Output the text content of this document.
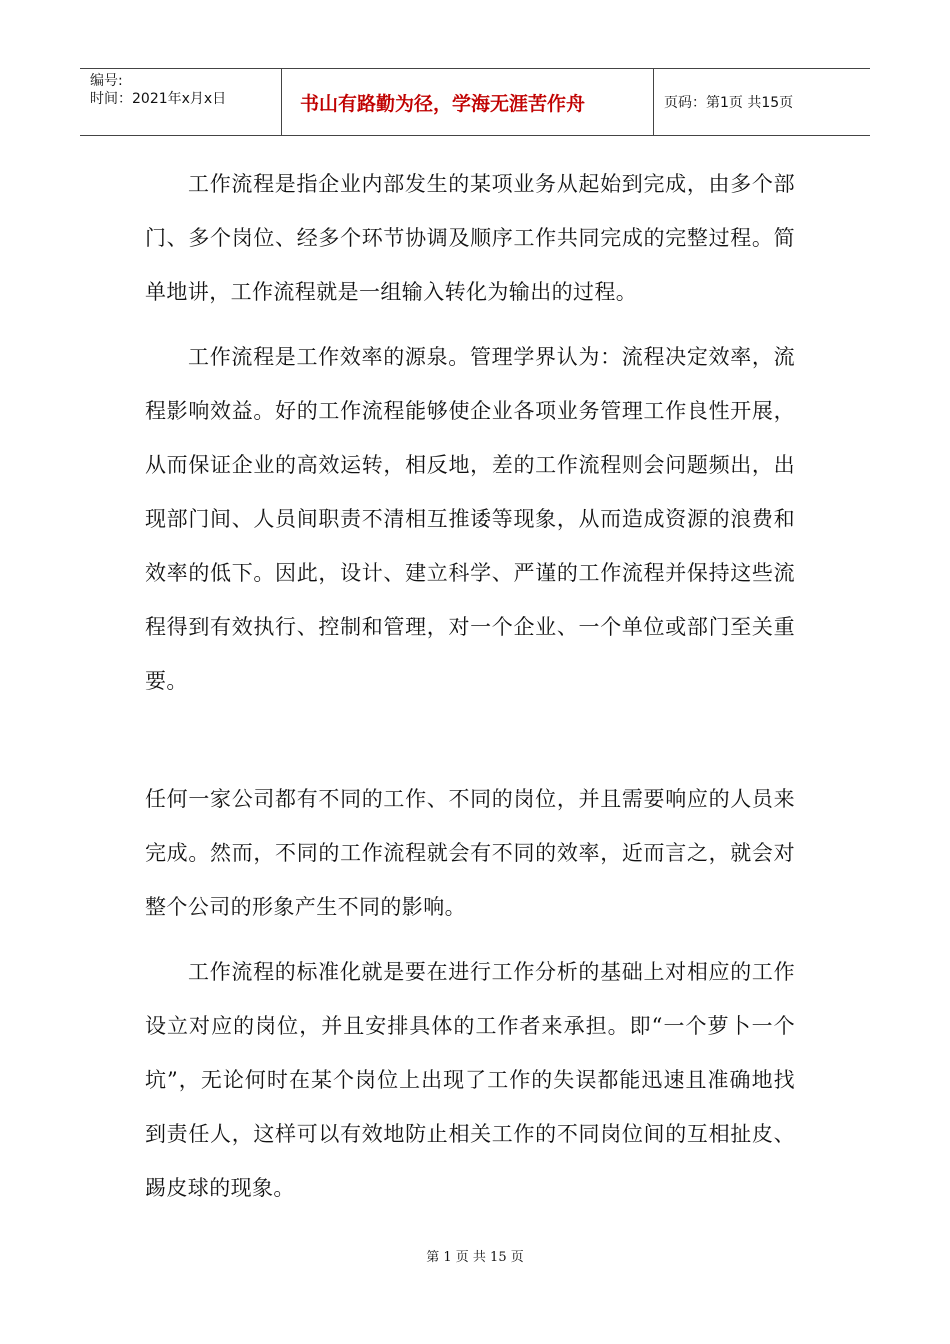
编号:
时间：2021年x月x日	书山有路勤为径，学海无涯苦作舟	页码：第1页 共15页

工作流程是指企业内部发生的某项业务从起始到完成，由多个部门、多个岗位、经多个环节协调及顺序工作共同完成的完整过程。简单地讲，工作流程就是一组输入转化为输出的过程。

工作流程是工作效率的源泉。管理学界认为：流程决定效率，流程影响效益。好的工作流程能够使企业各项业务管理工作良性开展，从而保证企业的高效运转，相反地，差的工作流程则会问题频出，出现部门间、人员间职责不清相互推诿等现象，从而造成资源的浪费和效率的低下。因此，设计、建立科学、严谨的工作流程并保持这些流程得到有效执行、控制和管理，对一个企业、一个单位或部门至关重要。

任何一家公司都有不同的工作、不同的岗位，并且需要响应的人员来完成。然而，不同的工作流程就会有不同的效率，近而言之，就会对整个公司的形象产生不同的影响。

工作流程的标准化就是要在进行工作分析的基础上对相应的工作设立对应的岗位，并且安排具体的工作者来承担。即“一个萝卜一个坑”，无论何时在某个岗位上出现了工作的失误都能迅速且准确地找到责任人，这样可以有效地防止相关工作的不同岗位间的互相扯皮、踢皮球的现象。

第 1 页 共 15 页
